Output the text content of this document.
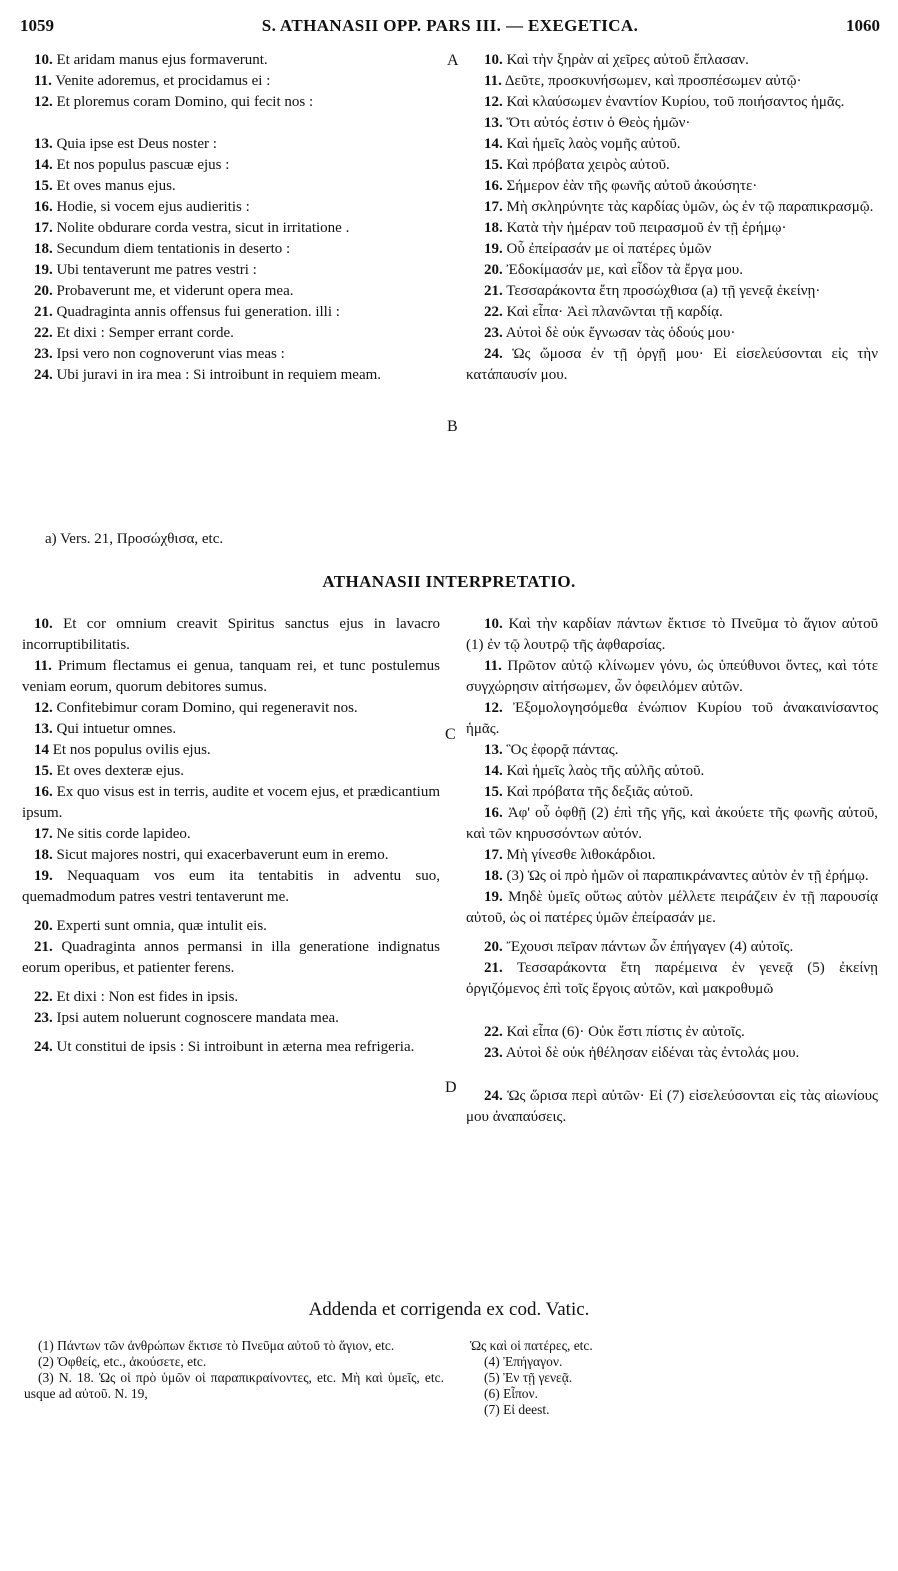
1059	S. ATHANASII OPP. PARS III. — EXEGETICA.	1060

10. Et aridam manus ejus formaverunt.

11. Venite adoremus, et procidamus ei :

12. Et ploremus coram Domino, qui fecit nos :

13. Quia ipse est Deus noster :

14. Et nos populus pascuæ ejus :

15. Et oves manus ejus.

16. Hodie, si vocem ejus audieritis :

17. Nolite obdurare corda vestra, sicut in irritatione .

18. Secundum diem tentationis in deserto :

19. Ubi tentaverunt me patres vestri :

20. Probaverunt me, et viderunt opera mea.

21. Quadraginta annis offensus fui generation. illi :

22. Et dixi : Semper errant corde.

23. Ipsi vero non cognoverunt vias meas :

24. Ubi juravi in ira mea : Si introibunt in requiem meam.

A
B

10. Καὶ τὴν ξηρὰν αἱ χεῖρες αὐτοῦ ἔπλασαν.

11. Δεῦτε, προσκυνήσωμεν, καὶ προσπέσωμεν αὐτῷ·

12. Καὶ κλαύσωμεν ἐναντίον Κυρίου, τοῦ ποιήσαντος ἡμᾶς.

13. Ὅτι αὐτός ἐστιν ὁ Θεὸς ἡμῶν·

14. Καὶ ἡμεῖς λαὸς νομῆς αὐτοῦ.

15. Καὶ πρόβατα χειρὸς αὐτοῦ.

16. Σήμερον ἐὰν τῆς φωνῆς αὐτοῦ ἀκούσητε·

17. Μὴ σκληρύνητε τὰς καρδίας ὑμῶν, ὡς ἐν τῷ παραπικρασμῷ.

18. Κατὰ τὴν ἡμέραν τοῦ πειρασμοῦ ἐν τῇ ἐρήμῳ·

19. Οὗ ἐπείρασάν με οἱ πατέρες ὑμῶν

20. Ἐδοκίμασάν με, καὶ εἶδον τὰ ἔργα μου.

21. Τεσσαράκοντα ἔτη προσώχθισα (a) τῇ γενεᾷ ἐκείνῃ·

22. Καὶ εἶπα· Ἀεὶ πλανῶνται τῇ καρδίᾳ.

23. Αὐτοὶ δὲ οὐκ ἔγνωσαν τὰς ὁδούς μου·

24. Ὡς ὤμοσα ἐν τῇ ὀργῇ μου· Εἰ εἰσελεύσονται εἰς τὴν κατάπαυσίν μου.

a) Vers. 21, Προσώχθισα, etc.
ATHANASII INTERPRETATIO.

10. Et cor omnium creavit Spiritus sanctus ejus in lavacro incorruptibilitatis.

11. Primum flectamus ei genua, tanquam rei, et tunc postulemus veniam eorum, quorum debitores sumus.

12. Confitebimur coram Domino, qui regeneravit nos.

13. Qui intuetur omnes.

14 Et nos populus ovilis ejus.

15. Et oves dexteræ ejus.

16. Ex quo visus est in terris, audite et vocem ejus, et prædicantium ipsum.

17. Ne sitis corde lapideo.

18. Sicut majores nostri, qui exacerbaverunt eum in eremo.

19. Nequaquam vos eum ita tentabitis in adventu suo, quemadmodum patres vestri tentaverunt me.

20. Experti sunt omnia, quæ intulit eis.

21. Quadraginta annos permansi in illa generatione indignatus eorum operibus, et patienter ferens.

22. Et dixi : Non est fides in ipsis.

23. Ipsi autem noluerunt cognoscere mandata mea.

24. Ut constitui de ipsis : Si introibunt in æterna mea refrigeria.

C
D

10. Καὶ τὴν καρδίαν πάντων ἔκτισε τὸ Πνεῦμα τὸ ἅγιον αὐτοῦ (1) ἐν τῷ λουτρῷ τῆς ἀφθαρσίας.

11. Πρῶτον αὐτῷ κλίνωμεν γόνυ, ὡς ὑπεύθυνοι ὄντες, καὶ τότε συγχώρησιν αἰτήσωμεν, ὧν ὀφειλόμεν αὐτῶν.

12. Ἐξομολογησόμεθα ἐνώπιον Κυρίου τοῦ ἀνακαινίσαντος ἡμᾶς.

13. Ὃς ἐφορᾷ πάντας.

14. Καὶ ἡμεῖς λαὸς τῆς αὐλῆς αὐτοῦ.

15. Καὶ πρόβατα τῆς δεξιᾶς αὐτοῦ.

16. Ἀφ' οὗ ὀφθῇ (2) ἐπὶ τῆς γῆς, καὶ ἀκούετε τῆς φωνῆς αὐτοῦ, καὶ τῶν κηρυσσόντων αὐτόν.

17. Μὴ γίνεσθε λιθοκάρδιοι.

18. (3) Ὡς οἱ πρὸ ἡμῶν οἱ παραπικράναντες αὐτὸν ἐν τῇ ἐρήμῳ.

19. Μηδὲ ὑμεῖς οὕτως αὐτὸν μέλλετε πειράζειν ἐν τῇ παρουσίᾳ αὐτοῦ, ὡς οἱ πατέρες ὑμῶν ἐπείρασάν με.

20. Ἔχουσι πεῖραν πάντων ὧν ἐπήγαγεν (4) αὐτοῖς.

21. Τεσσαράκοντα ἔτη παρέμεινα ἐν γενεᾷ (5) ἐκείνῃ ὀργιζόμενος ἐπὶ τοῖς ἔργοις αὐτῶν, καὶ μακροθυμῶ

22. Καὶ εἶπα (6)· Οὐκ ἔστι πίστις ἐν αὐτοῖς.

23. Αὐτοὶ δὲ οὐκ ἠθέλησαν εἰδέναι τὰς ἐντολάς μου.

24. Ὡς ὥρισα περὶ αὐτῶν· Εἰ (7) εἰσελεύσονται εἰς τὰς αἰωνίους μου ἀναπαύσεις.

Addenda et corrigenda ex cod. Vatic.

(1) Πάντων τῶν ἀνθρώπων ἔκτισε τὸ Πνεῦμα αὐτοῦ τὸ ἅγιον, etc.

(2) Ὀφθείς, etc., ἀκούσετε, etc.

(3) N. 18. Ὡς οἱ πρὸ ὑμῶν οἱ παραπικραίνοντες, etc. Μὴ καὶ ὑμεῖς, etc. usque ad αὐτοῦ. N. 19,

Ὡς καὶ οἱ πατέρες, etc.

(4) Ἐπήγαγον.

(5) Ἐν τῇ γενεᾷ.

(6) Εἶπον.

(7) Εἰ deest.
